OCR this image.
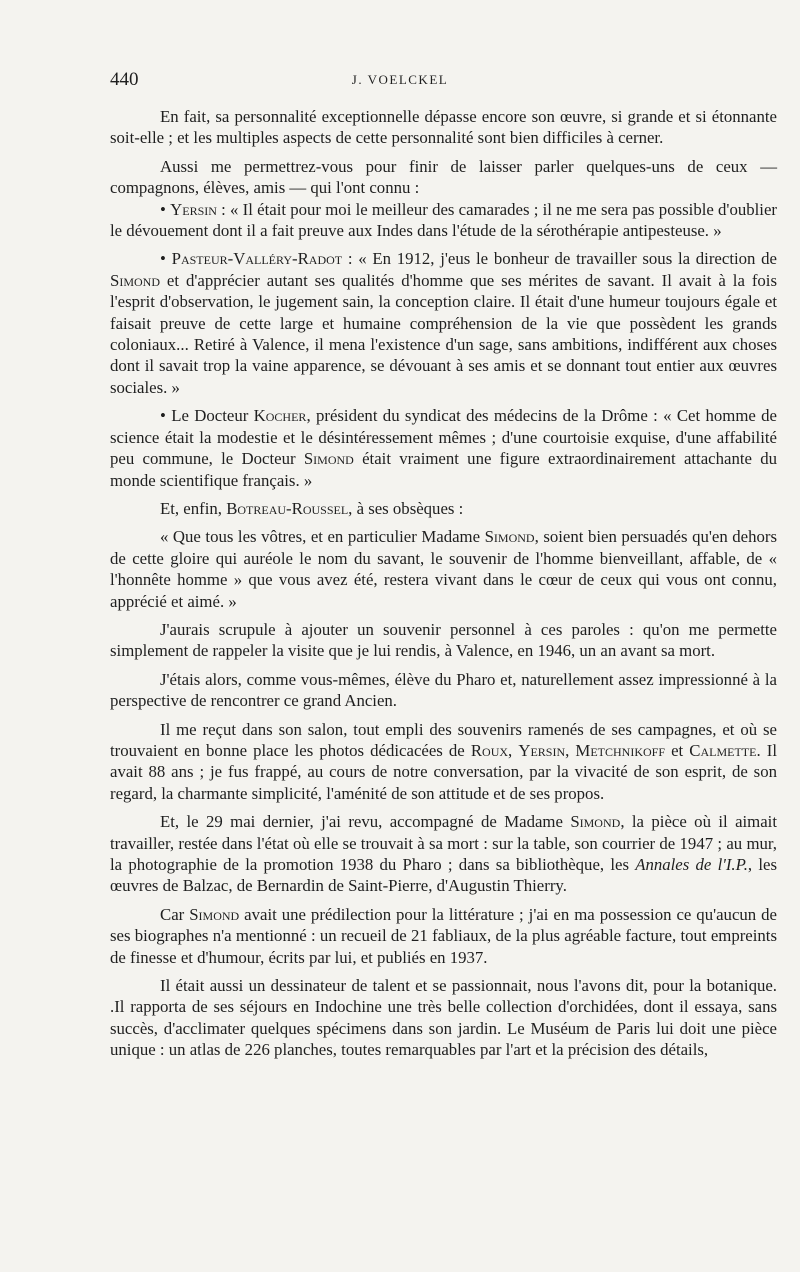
440	J. VOELCKEL

En fait, sa personnalité exceptionnelle dépasse encore son œuvre, si grande et si étonnante soit-elle ; et les multiples aspects de cette personnalité sont bien difficiles à cerner.

Aussi me permettrez-vous pour finir de laisser parler quelques-uns de ceux — compagnons, élèves, amis — qui l'ont connu :

• Yersin : « Il était pour moi le meilleur des camarades ; il ne me sera pas possible d'oublier le dévouement dont il a fait preuve aux Indes dans l'étude de la sérothérapie antipesteuse. »

• Pasteur-Valléry-Radot : « En 1912, j'eus le bonheur de travailler sous la direction de Simond et d'apprécier autant ses qualités d'homme que ses mérites de savant. Il avait à la fois l'esprit d'observation, le jugement sain, la conception claire. Il était d'une humeur toujours égale et faisait preuve de cette large et humaine compréhension de la vie que possèdent les grands coloniaux... Retiré à Valence, il mena l'existence d'un sage, sans ambitions, indifférent aux choses dont il savait trop la vaine apparence, se dévouant à ses amis et se donnant tout entier aux œuvres sociales. »

• Le Docteur Kocher, président du syndicat des médecins de la Drôme : « Cet homme de science était la modestie et le désintéressement mêmes ; d'une courtoisie exquise, d'une affabilité peu commune, le Docteur Simond était vraiment une figure extraordinairement attachante du monde scientifique français. »

Et, enfin, Botreau-Roussel, à ses obsèques :

« Que tous les vôtres, et en particulier Madame Simond, soient bien persuadés qu'en dehors de cette gloire qui auréole le nom du savant, le souvenir de l'homme bienveillant, affable, de « l'honnête homme » que vous avez été, restera vivant dans le cœur de ceux qui vous ont connu, apprécié et aimé. »

J'aurais scrupule à ajouter un souvenir personnel à ces paroles : qu'on me permette simplement de rappeler la visite que je lui rendis, à Valence, en 1946, un an avant sa mort.

J'étais alors, comme vous-mêmes, élève du Pharo et, naturellement assez impressionné à la perspective de rencontrer ce grand Ancien.

Il me reçut dans son salon, tout empli des souvenirs ramenés de ses campagnes, et où se trouvaient en bonne place les photos dédicacées de Roux, Yersin, Metchnikoff et Calmette. Il avait 88 ans ; je fus frappé, au cours de notre conversation, par la vivacité de son esprit, de son regard, la charmante simplicité, l'aménité de son attitude et de ses propos.

Et, le 29 mai dernier, j'ai revu, accompagné de Madame Simond, la pièce où il aimait travailler, restée dans l'état où elle se trouvait à sa mort : sur la table, son courrier de 1947 ; au mur, la photographie de la promotion 1938 du Pharo ; dans sa bibliothèque, les Annales de l'I.P., les œuvres de Balzac, de Bernardin de Saint-Pierre, d'Augustin Thierry.

Car Simond avait une prédilection pour la littérature ; j'ai en ma possession ce qu'aucun de ses biographes n'a mentionné : un recueil de 21 fabliaux, de la plus agréable facture, tout empreints de finesse et d'humour, écrits par lui, et publiés en 1937.

Il était aussi un dessinateur de talent et se passionnait, nous l'avons dit, pour la botanique. .Il rapporta de ses séjours en Indochine une très belle collection d'orchidées, dont il essaya, sans succès, d'acclimater quelques spécimens dans son jardin. Le Muséum de Paris lui doit une pièce unique : un atlas de 226 planches, toutes remarquables par l'art et la précision des détails,
